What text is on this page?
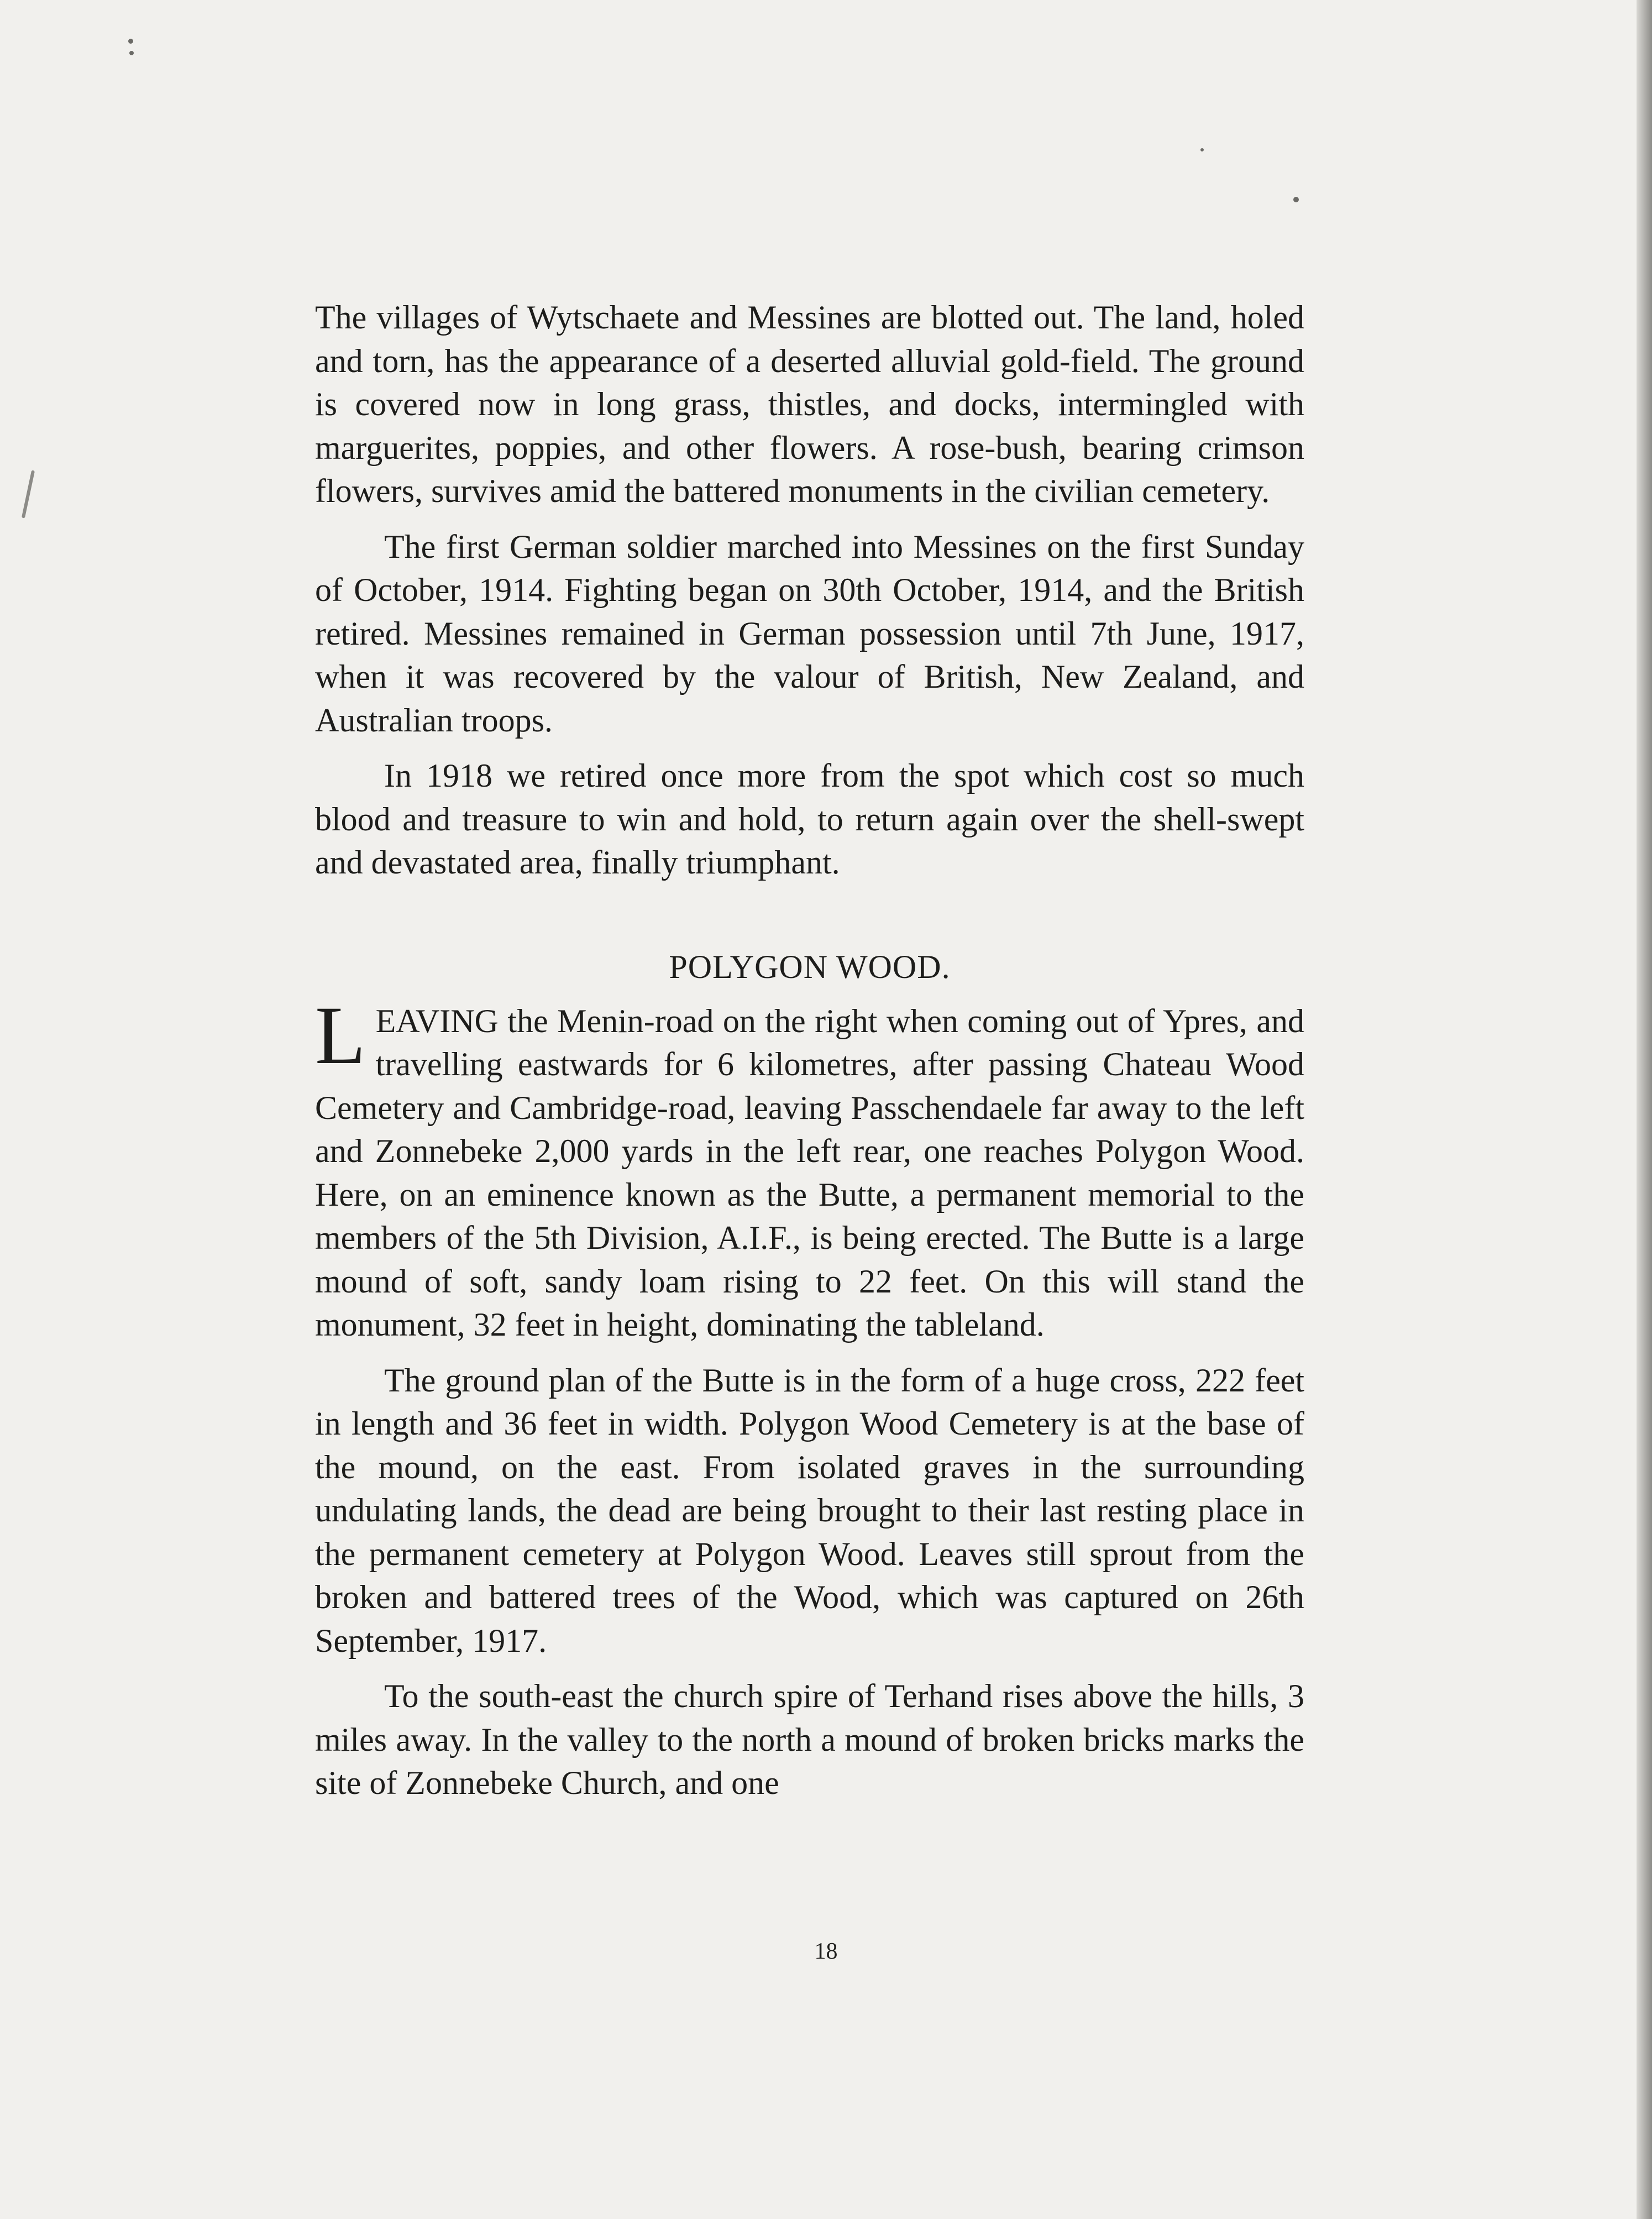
The villages of Wytschaete and Messines are blotted out. The land, holed and torn, has the appearance of a deserted alluvial gold-field. The ground is covered now in long grass, thistles, and docks, intermingled with marguerites, poppies, and other flowers. A rose-bush, bearing crimson flowers, survives amid the battered monuments in the civilian cemetery.

The first German soldier marched into Messines on the first Sunday of October, 1914. Fighting began on 30th October, 1914, and the British retired. Messines remained in German possession until 7th June, 1917, when it was recovered by the valour of British, New Zealand, and Australian troops.

In 1918 we retired once more from the spot which cost so much blood and treasure to win and hold, to return again over the shell-swept and devastated area, finally triumphant.

POLYGON WOOD.

L EAVING the Menin-road on the right when coming out of Ypres, and travelling eastwards for 6 kilometres, after passing Chateau Wood Cemetery and Cambridge-road, leaving Passchendaele far away to the left and Zonnebeke 2,000 yards in the left rear, one reaches Polygon Wood. Here, on an eminence known as the Butte, a permanent memorial to the members of the 5th Division, A.I.F., is being erected. The Butte is a large mound of soft, sandy loam rising to 22 feet. On this will stand the monument, 32 feet in height, dominating the tableland.

The ground plan of the Butte is in the form of a huge cross, 222 feet in length and 36 feet in width. Polygon Wood Cemetery is at the base of the mound, on the east. From isolated graves in the surrounding undulating lands, the dead are being brought to their last resting place in the permanent cemetery at Polygon Wood. Leaves still sprout from the broken and battered trees of the Wood, which was captured on 26th September, 1917.

To the south-east the church spire of Terhand rises above the hills, 3 miles away. In the valley to the north a mound of broken bricks marks the site of Zonnebeke Church, and one

18
